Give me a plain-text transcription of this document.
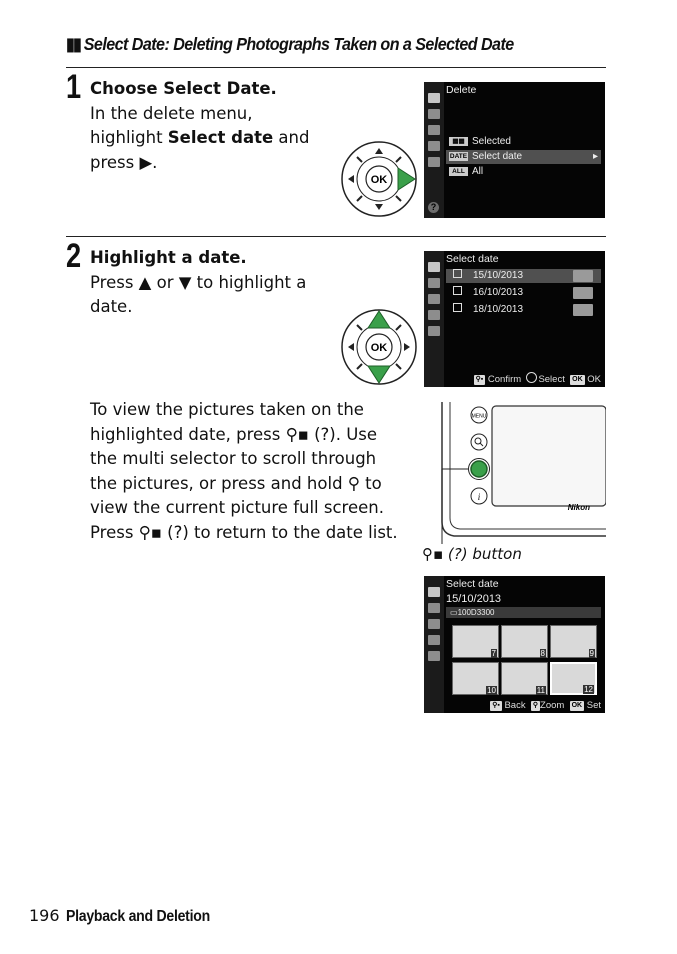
▮▮ Select Date: Deleting Photographs Taken on a Selected Date
1 Choose Select Date.
In the delete menu,
highlight Select date and
press ▶.
OK
?
Delete
▦▦ Selected
DATE Select date	▸
ALL All
2 Highlight a date.
Press ▲ or ▼ to highlight a
date.
OK
Select date
15/10/2013
16/10/2013
18/10/2013
⚲▪ Confirm Select OK OK
To view the pictures taken on the
highlighted date, press ⚲▪ (?). Use
the multi selector to scroll through
the pictures, or press and hold ⚲ to
view the current picture full screen.
Press ⚲▪ (?) to return to the date list.
Nikon
MENU
i
⚲▪ (?) button
Select date
15/10/2013
▭100D3300
7	8	9
10	11	12
⚲▪ Back ⚲ Zoom OK Set
196 Playback and Deletion
